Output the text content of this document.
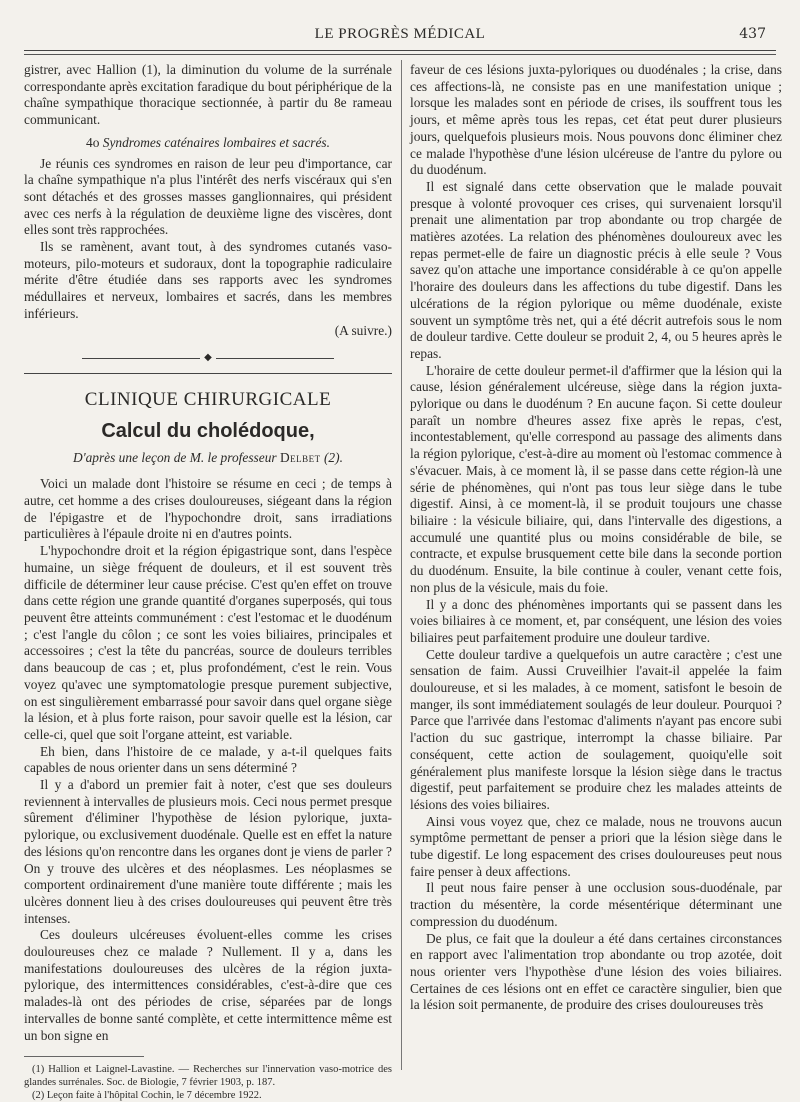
LE PROGRÈS MÉDICAL	437

gistrer, avec Hallion (1), la diminution du volume de la surrénale correspondante après excitation faradique du bout périphérique de la chaîne sympathique thoracique sectionnée, à partir du 8e rameau communicant.

4o Syndromes caténaires lombaires et sacrés.

Je réunis ces syndromes en raison de leur peu d'importance, car la chaîne sympathique n'a plus l'intérêt des nerfs viscéraux qui s'en sont détachés et des grosses masses ganglionnaires, qui président avec ces nerfs à la régulation de deuxième ligne des viscères, dont elles sont très rapprochées.

Ils se ramènent, avant tout, à des syndromes cutanés vaso-moteurs, pilo-moteurs et sudoraux, dont la topographie radiculaire mérite d'être étudiée dans ses rapports avec les syndromes médullaires et nerveux, lombaires et sacrés, dans les membres inférieurs.

(A suivre.)

◆
CLINIQUE CHIRURGICALE
Calcul du cholédoque,

D'après une leçon de M. le professeur Delbet (2).

Voici un malade dont l'histoire se résume en ceci ; de temps à autre, cet homme a des crises douloureuses, siégeant dans la région de l'épigastre et de l'hypochondre droit, sans irradiations particulières à l'épaule droite ni en d'autres points.

L'hypochondre droit et la région épigastrique sont, dans l'espèce humaine, un siège fréquent de douleurs, et il est souvent très difficile de déterminer leur cause précise. C'est qu'en effet on trouve dans cette région une grande quantité d'organes superposés, qui tous peuvent être atteints communément : c'est l'estomac et le duodénum ; c'est l'angle du côlon ; ce sont les voies biliaires, principales et accessoires ; c'est la tête du pancréas, source de douleurs terribles dans beaucoup de cas ; et, plus profondément, c'est le rein. Vous voyez qu'avec une symptomatologie presque purement subjective, on est singulièrement embarrassé pour savoir dans quel organe siège la lésion, et à plus forte raison, pour savoir quelle est la lésion, car celle-ci, quel que soit l'organe atteint, est variable.

Eh bien, dans l'histoire de ce malade, y a-t-il quelques faits capables de nous orienter dans un sens déterminé ?

Il y a d'abord un premier fait à noter, c'est que ses douleurs reviennent à intervalles de plusieurs mois. Ceci nous permet presque sûrement d'éliminer l'hypothèse de lésion pylorique, juxta-pylorique, ou exclusivement duodénale. Quelle est en effet la nature des lésions qu'on rencontre dans les organes dont je viens de parler ? On y trouve des ulcères et des néoplasmes. Les néoplasmes se comportent ordinairement d'une manière toute différente ; mais les ulcères donnent lieu à des crises douloureuses qui peuvent être très intenses.

Ces douleurs ulcéreuses évoluent-elles comme les crises douloureuses chez ce malade ? Nullement. Il y a, dans les manifestations douloureuses des ulcères de la région juxta-pylorique, des intermittences considérables, c'est-à-dire que ces malades-là ont des périodes de crise, séparées par de longs intervalles de bonne santé complète, et cette intermittence même est un bon signe en

(1) Hallion et Laignel-Lavastine. — Recherches sur l'innervation vaso-motrice des glandes surrénales. Soc. de Biologie, 7 février 1903, p. 187.

(2) Leçon faite à l'hôpital Cochin, le 7 décembre 1922.

faveur de ces lésions juxta-pyloriques ou duodénales ; la crise, dans ces affections-là, ne consiste pas en une manifestation unique ; lorsque les malades sont en période de crises, ils souffrent tous les jours, et même après tous les repas, cet état peut durer plusieurs jours, quelquefois plusieurs mois. Nous pouvons donc éliminer chez ce malade l'hypothèse d'une lésion ulcéreuse de l'antre du pylore ou du duodénum.

Il est signalé dans cette observation que le malade pouvait presque à volonté provoquer ces crises, qui survenaient lorsqu'il prenait une alimentation par trop abondante ou trop chargée de matières azotées. La relation des phénomènes douloureux avec les repas permet-elle de faire un diagnostic précis à elle seule ? Vous savez qu'on attache une importance considérable à ce qu'on appelle l'horaire des douleurs dans les affections du tube digestif. Dans les ulcérations de la région pylorique ou même duodénale, existe souvent un symptôme très net, qui a été décrit autrefois sous le nom de douleur tardive. Cette douleur se produit 2, 4, ou 5 heures après le repas.

L'horaire de cette douleur permet-il d'affirmer que la lésion qui la cause, lésion généralement ulcéreuse, siège dans la région juxta-pylorique ou dans le duodénum ? En aucune façon. Si cette douleur paraît un nombre d'heures assez fixe après le repas, c'est, incontestablement, qu'elle correspond au passage des aliments dans la région pylorique, c'est-à-dire au moment où l'estomac commence à s'évacuer. Mais, à ce moment là, il se passe dans cette région-là une série de phénomènes, qui n'ont pas tous leur siège dans le tube digestif. Ainsi, à ce moment-là, il se produit toujours une chasse biliaire : la vésicule biliaire, qui, dans l'intervalle des digestions, a accumulé une quantité plus ou moins considérable de bile, se contracte, et expulse brusquement cette bile dans la seconde portion du duodénum. Ensuite, la bile continue à couler, venant cette fois, non plus de la vésicule, mais du foie.

Il y a donc des phénomènes importants qui se passent dans les voies biliaires à ce moment, et, par conséquent, une lésion des voies biliaires peut parfaitement produire une douleur tardive.

Cette douleur tardive a quelquefois un autre caractère ; c'est une sensation de faim. Aussi Cruveilhier l'avait-il appelée la faim douloureuse, et si les malades, à ce moment, satisfont le besoin de manger, ils sont immédiatement soulagés de leur douleur. Pourquoi ? Parce que l'arrivée dans l'estomac d'aliments n'ayant pas encore subi l'action du suc gastrique, interrompt la chasse biliaire. Par conséquent, cette action de soulagement, quoiqu'elle soit généralement plus manifeste lorsque la lésion siège dans le tractus digestif, peut parfaitement se produire chez les malades atteints de lésions des voies biliaires.

Ainsi vous voyez que, chez ce malade, nous ne trouvons aucun symptôme permettant de penser a priori que la lésion siège dans le tube digestif. Le long espacement des crises douloureuses peut nous faire penser à deux affections.

Il peut nous faire penser à une occlusion sous-duodénale, par traction du mésentère, la corde mésentérique déterminant une compression du duodénum.

De plus, ce fait que la douleur a été dans certaines circonstances en rapport avec l'alimentation trop abondante ou trop azotée, doit nous orienter vers l'hypothèse d'une lésion des voies biliaires. Certaines de ces lésions ont en effet ce caractère singulier, bien que la lésion soit permanente, de produire des crises douloureuses très
